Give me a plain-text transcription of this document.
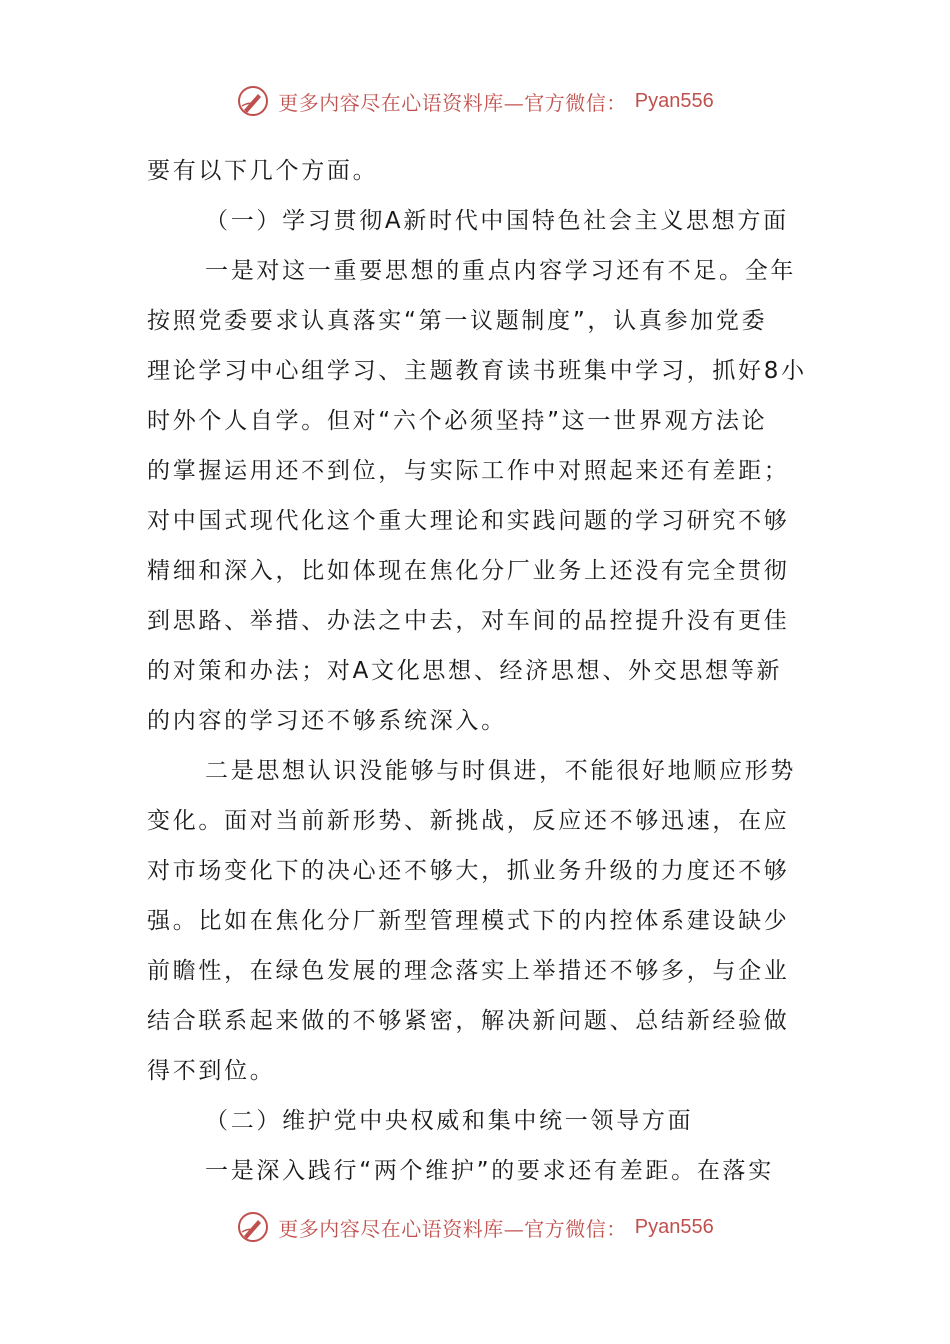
更多内容尽在心语资料库—官方微信： Pyan556
要有以下几个方面。
（一）学习贯彻A新时代中国特色社会主义思想方面
一是对这一重要思想的重点内容学习还有不足。全年
按照党委要求认真落实“第一议题制度”，认真参加党委
理论学习中心组学习、主题教育读书班集中学习，抓好8小
时外个人自学。但对“六个必须坚持”这一世界观方法论
的掌握运用还不到位，与实际工作中对照起来还有差距；
对中国式现代化这个重大理论和实践问题的学习研究不够
精细和深入，比如体现在焦化分厂业务上还没有完全贯彻
到思路、举措、办法之中去，对车间的品控提升没有更佳
的对策和办法；对A文化思想、经济思想、外交思想等新
的内容的学习还不够系统深入。
二是思想认识没能够与时俱进，不能很好地顺应形势
变化。面对当前新形势、新挑战，反应还不够迅速，在应
对市场变化下的决心还不够大，抓业务升级的力度还不够
强。比如在焦化分厂新型管理模式下的内控体系建设缺少
前瞻性，在绿色发展的理念落实上举措还不够多，与企业
结合联系起来做的不够紧密，解决新问题、总结新经验做
得不到位。
（二）维护党中央权威和集中统一领导方面
一是深入践行“两个维护”的要求还有差距。在落实
更多内容尽在心语资料库—官方微信： Pyan556
